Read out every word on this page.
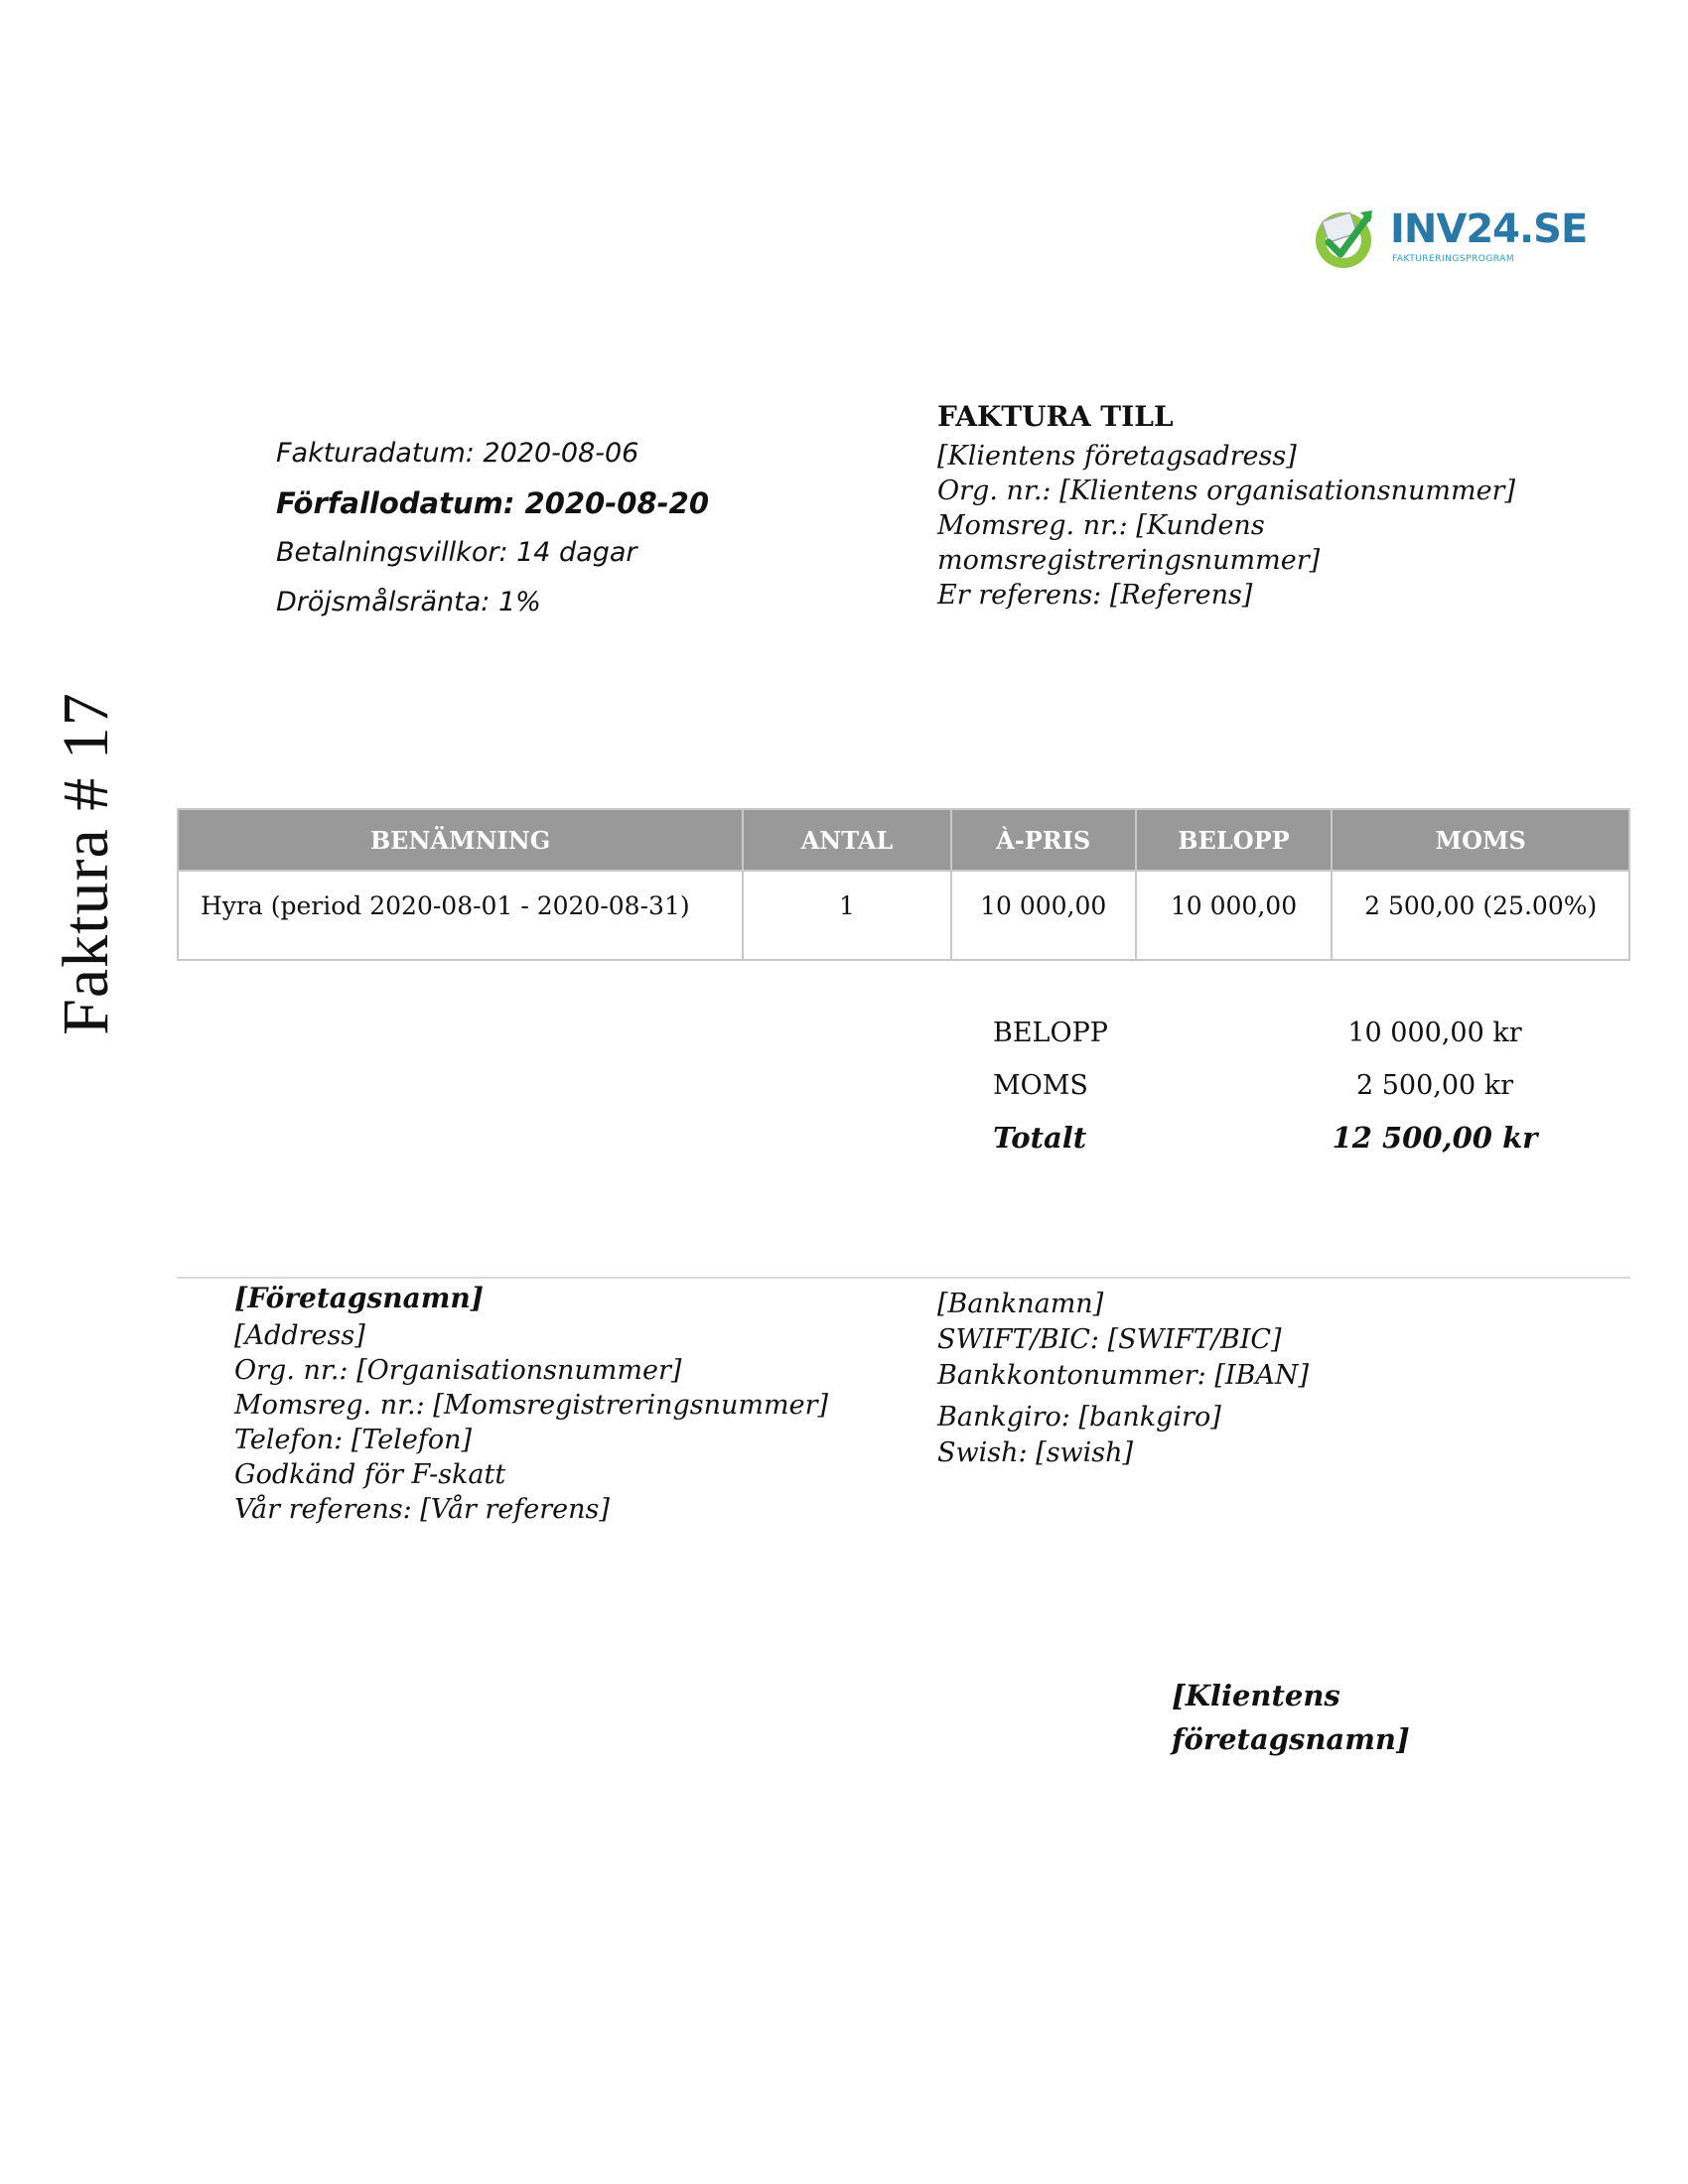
Faktura # 17
INV24.SE
FAKTURERINGSPROGRAM
Fakturadatum: 2020-08-06
Förfallodatum: 2020-08-20
Betalningsvillkor: 14 dagar
Dröjsmålsränta: 1%
FAKTURA TILL
[Klientens företagsnamn]
[Klientens företagsadress]
Org. nr.: [Klientens organisationsnummer]
Momsreg. nr.: [Kundens
momsregistreringsnummer]
Er referens: [Referens]
BENÄMNING	ANTAL	À-PRIS	BELOPP	MOMS
Hyra (period 2020-08-01 - 2020-08-31)	1	10 000,00	10 000,00	2 500,00 (25.00%)
BELOPP	10 000,00 kr
MOMS	2 500,00 kr
Totalt	12 500,00 kr
[Företagsnamn]
[Address]
Org. nr.: [Organisationsnummer]
Momsreg. nr.: [Momsregistreringsnummer]
Telefon: [Telefon]
Godkänd för F-skatt
Vår referens: [Vår referens]
[Banknamn]
SWIFT/BIC: [SWIFT/BIC]
Bankkontonummer: [IBAN]
Bankgiro: [bankgiro]
Swish: [swish]
